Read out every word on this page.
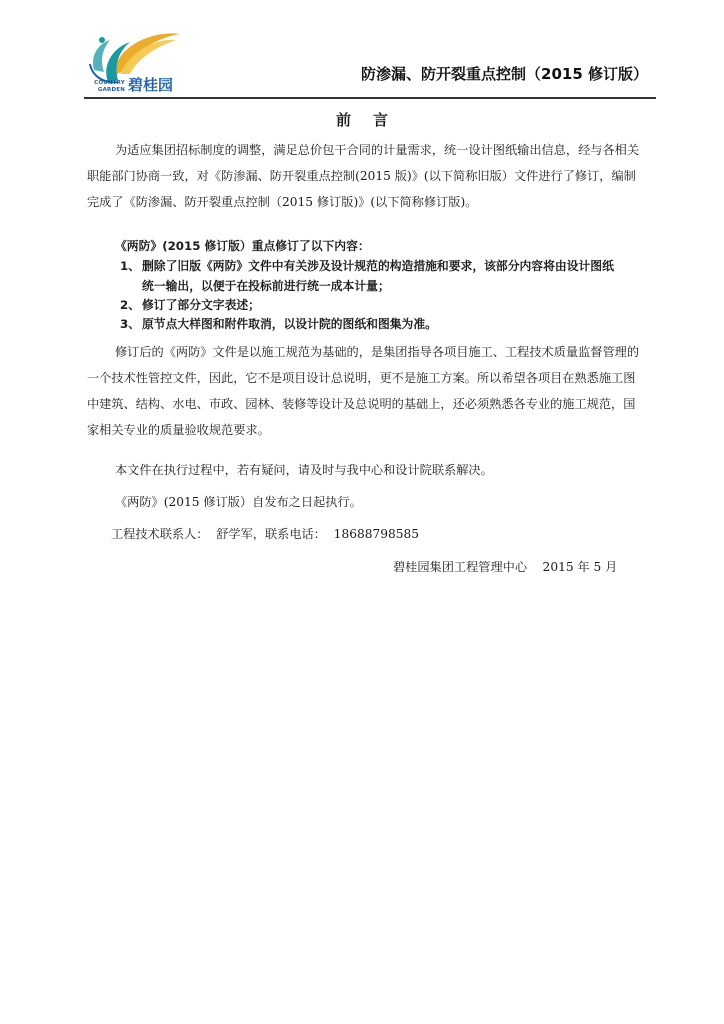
COUNTRY
GARDEN 碧桂园
防渗漏、防开裂重点控制（2015 修订版）
前言
为适应集团招标制度的调整，满足总价包干合同的计量需求，统一设计图纸输出信息，经与各相关
职能部门协商一致，对《防渗漏、防开裂重点控制(2015 版)》(以下简称旧版）文件进行了修订，编制
完成了《防渗漏、防开裂重点控制（2015 修订版)》(以下简称修订版)。
《两防》(2015 修订版）重点修订了以下内容：
1、 删除了旧版《两防》文件中有关涉及设计规范的构造措施和要求，该部分内容将由设计图纸
统一输出，以便于在投标前进行统一成本计量；
2、 修订了部分文字表述；
3、 原节点大样图和附件取消，以设计院的图纸和图集为准。
修订后的《两防》文件是以施工规范为基础的，是集团指导各项目施工、工程技术质量监督管理的
一个技术性管控文件，因此，它不是项目设计总说明，更不是施工方案。所以希望各项目在熟悉施工图
中建筑、结构、水电、市政、园林、装修等设计及总说明的基础上，还必须熟悉各专业的施工规范，国
家相关专业的质量验收规范要求。
本文件在执行过程中，若有疑问，请及时与我中心和设计院联系解决。
《两防》(2015 修订版）自发布之日起执行。
工程技术联系人：  舒学军，联系电话：  18688798585
碧桂园集团工程管理中心    2015 年 5 月
